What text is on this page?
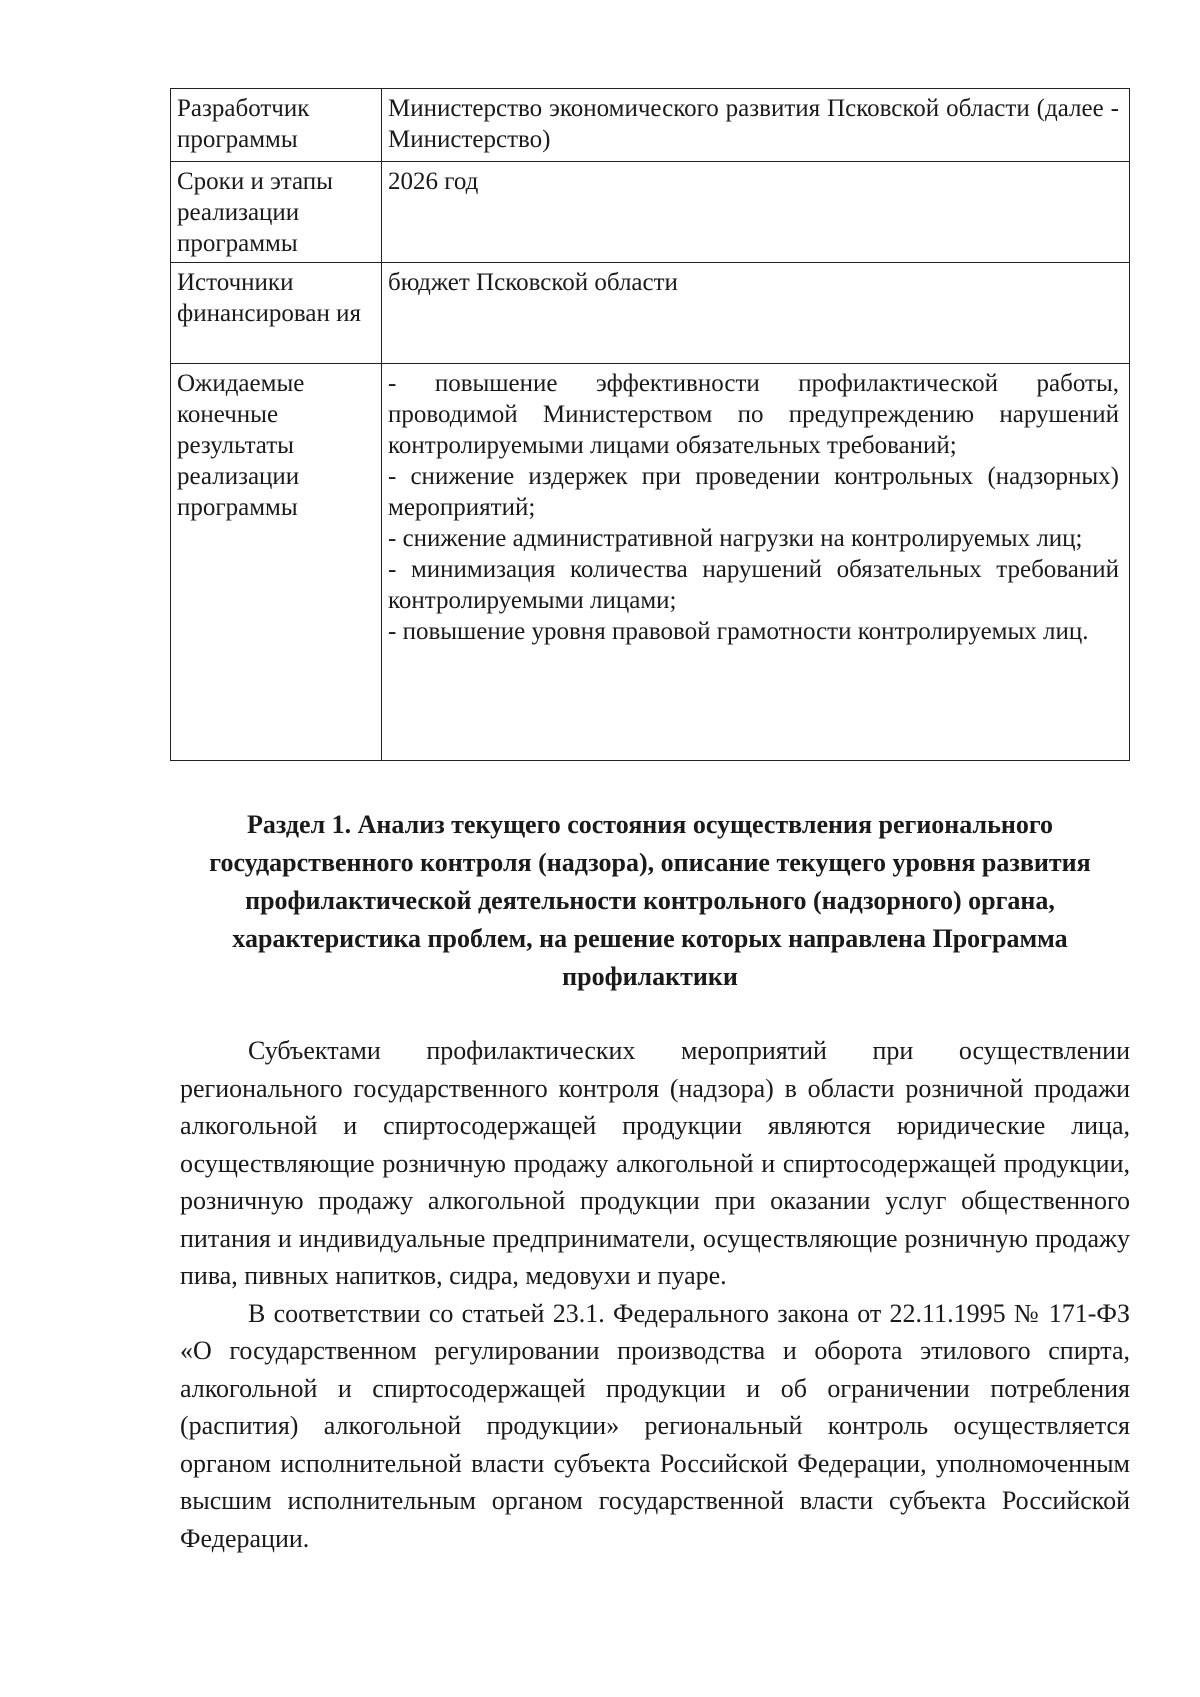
Разработчик программы	Министерство экономического развития Псковской области (далее - Министерство)
Сроки и этапы реализации программы	2026 год
Источники финансирован ия	бюджет Псковской области
Ожидаемые конечные результаты реализации программы	- повышение эффективности профилактической работы, проводимой Министерством по предупреждению нарушений контролируемыми лицами обязательных требований;
- снижение издержек при проведении контрольных (надзорных) мероприятий;
- снижение административной нагрузки на контролируемых лиц;
- минимизация количества нарушений обязательных требований контролируемыми лицами;
- повышение уровня правовой грамотности контролируемых лиц.
Раздел 1. Анализ текущего состояния осуществления регионального государственного контроля (надзора), описание текущего уровня развития профилактической деятельности контрольного (надзорного) органа, характеристика проблем, на решение которых направлена Программа профилактики

Субъектами профилактических мероприятий при осуществлении регионального государственного контроля (надзора) в области розничной продажи алкогольной и спиртосодержащей продукции являются юридические лица, осуществляющие розничную продажу алкогольной и спиртосодержащей продукции, розничную продажу алкогольной продукции при оказании услуг общественного питания и индивидуальные предприниматели, осуществляющие розничную продажу пива, пивных напитков, сидра, медовухи и пуаре.

В соответствии со статьей 23.1. Федерального закона от 22.11.1995 № 171-ФЗ «О государственном регулировании производства и оборота этилового спирта, алкогольной и спиртосодержащей продукции и об ограничении потребления (распития) алкогольной продукции» региональный контроль осуществляется органом исполнительной власти субъекта Российской Федерации, уполномоченным высшим исполнительным органом государственной власти субъекта Российской Федерации.
